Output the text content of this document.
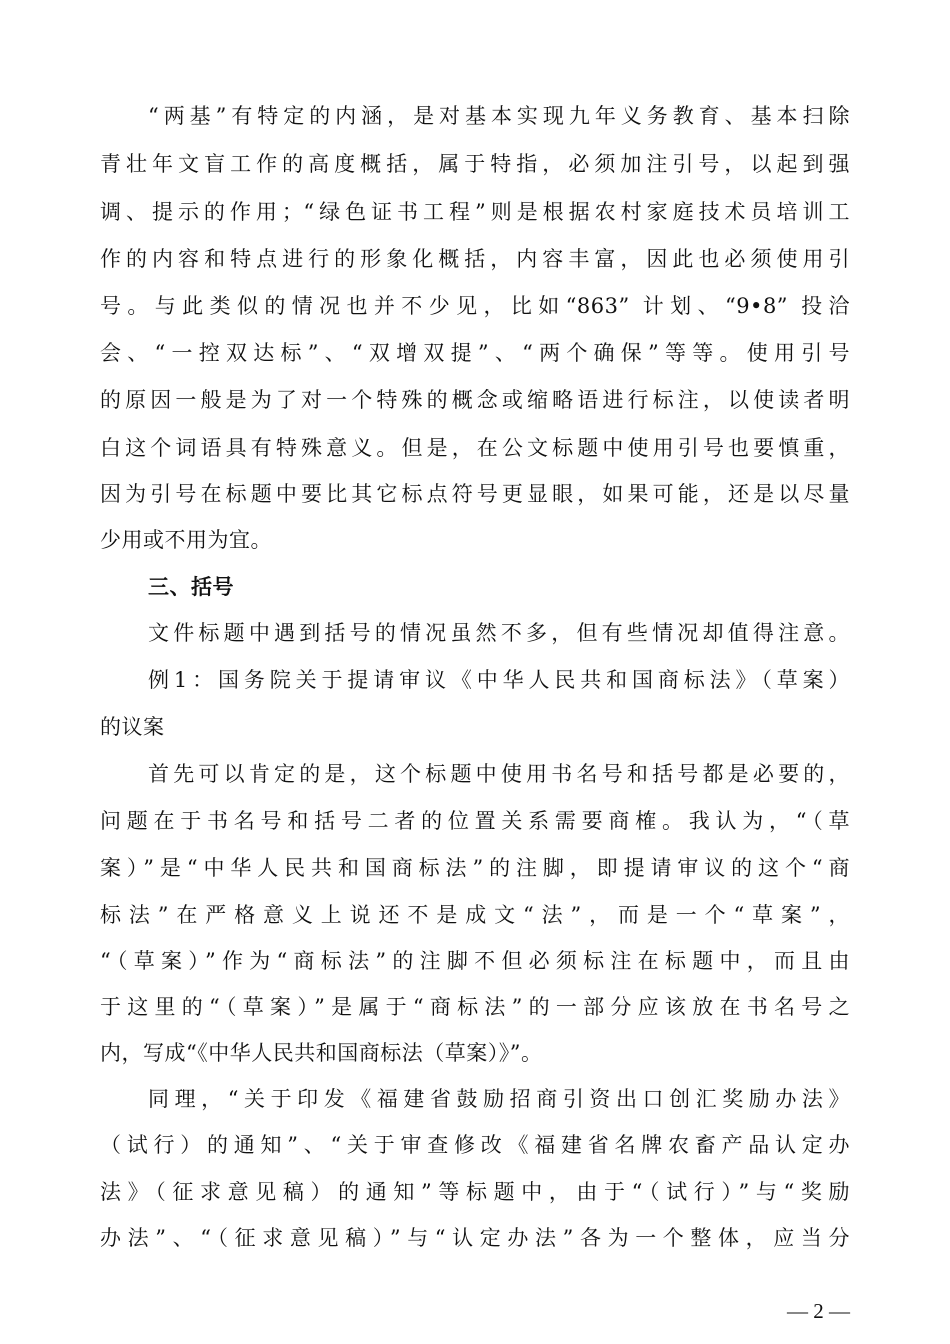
“两基”有特定的内涵，是对基本实现九年义务教育、基本扫除
青壮年文盲工作的高度概括，属于特指，必须加注引号，以起到强
调、提示的作用；“绿色证书工程”则是根据农村家庭技术员培训工
作的内容和特点进行的形象化概括，内容丰富，因此也必须使用引
号。与此类似的情况也并不少见，比如“863” 计划、“9•8” 投洽
会、“一控双达标”、“双增双提”、“两个确保”等等。使用引号
的原因一般是为了对一个特殊的概念或缩略语进行标注，以使读者明
白这个词语具有特殊意义。但是，在公文标题中使用引号也要慎重，
因为引号在标题中要比其它标点符号更显眼，如果可能，还是以尽量
少用或不用为宜。
三、括号
文件标题中遇到括号的情况虽然不多，但有些情况却值得注意。
例1：国务院关于提请审议《中华人民共和国商标法》（草案）
的议案
首先可以肯定的是，这个标题中使用书名号和括号都是必要的，
问题在于书名号和括号二者的位置关系需要商榷。我认为，“（草
案）”是“中华人民共和国商标法”的注脚，即提请审议的这个“商
标法”在严格意义上说还不是成文“法”，而是一个“草案”，
“（草案）”作为“商标法”的注脚不但必须标注在标题中，而且由
于这里的“（草案）”是属于“商标法”的一部分应该放在书名号之
内，写成“《中华人民共和国商标法（草案）》”。
同理，“关于印发《福建省鼓励招商引资出口创汇奖励办法》
（试行）的通知”、“关于审查修改《福建省名牌农畜产品认定办
法》（征求意见稿）的通知”等标题中，由于“（试行）”与“奖励
办法”、“（征求意见稿）”与“认定办法”各为一个整体，应当分
— 2 —
